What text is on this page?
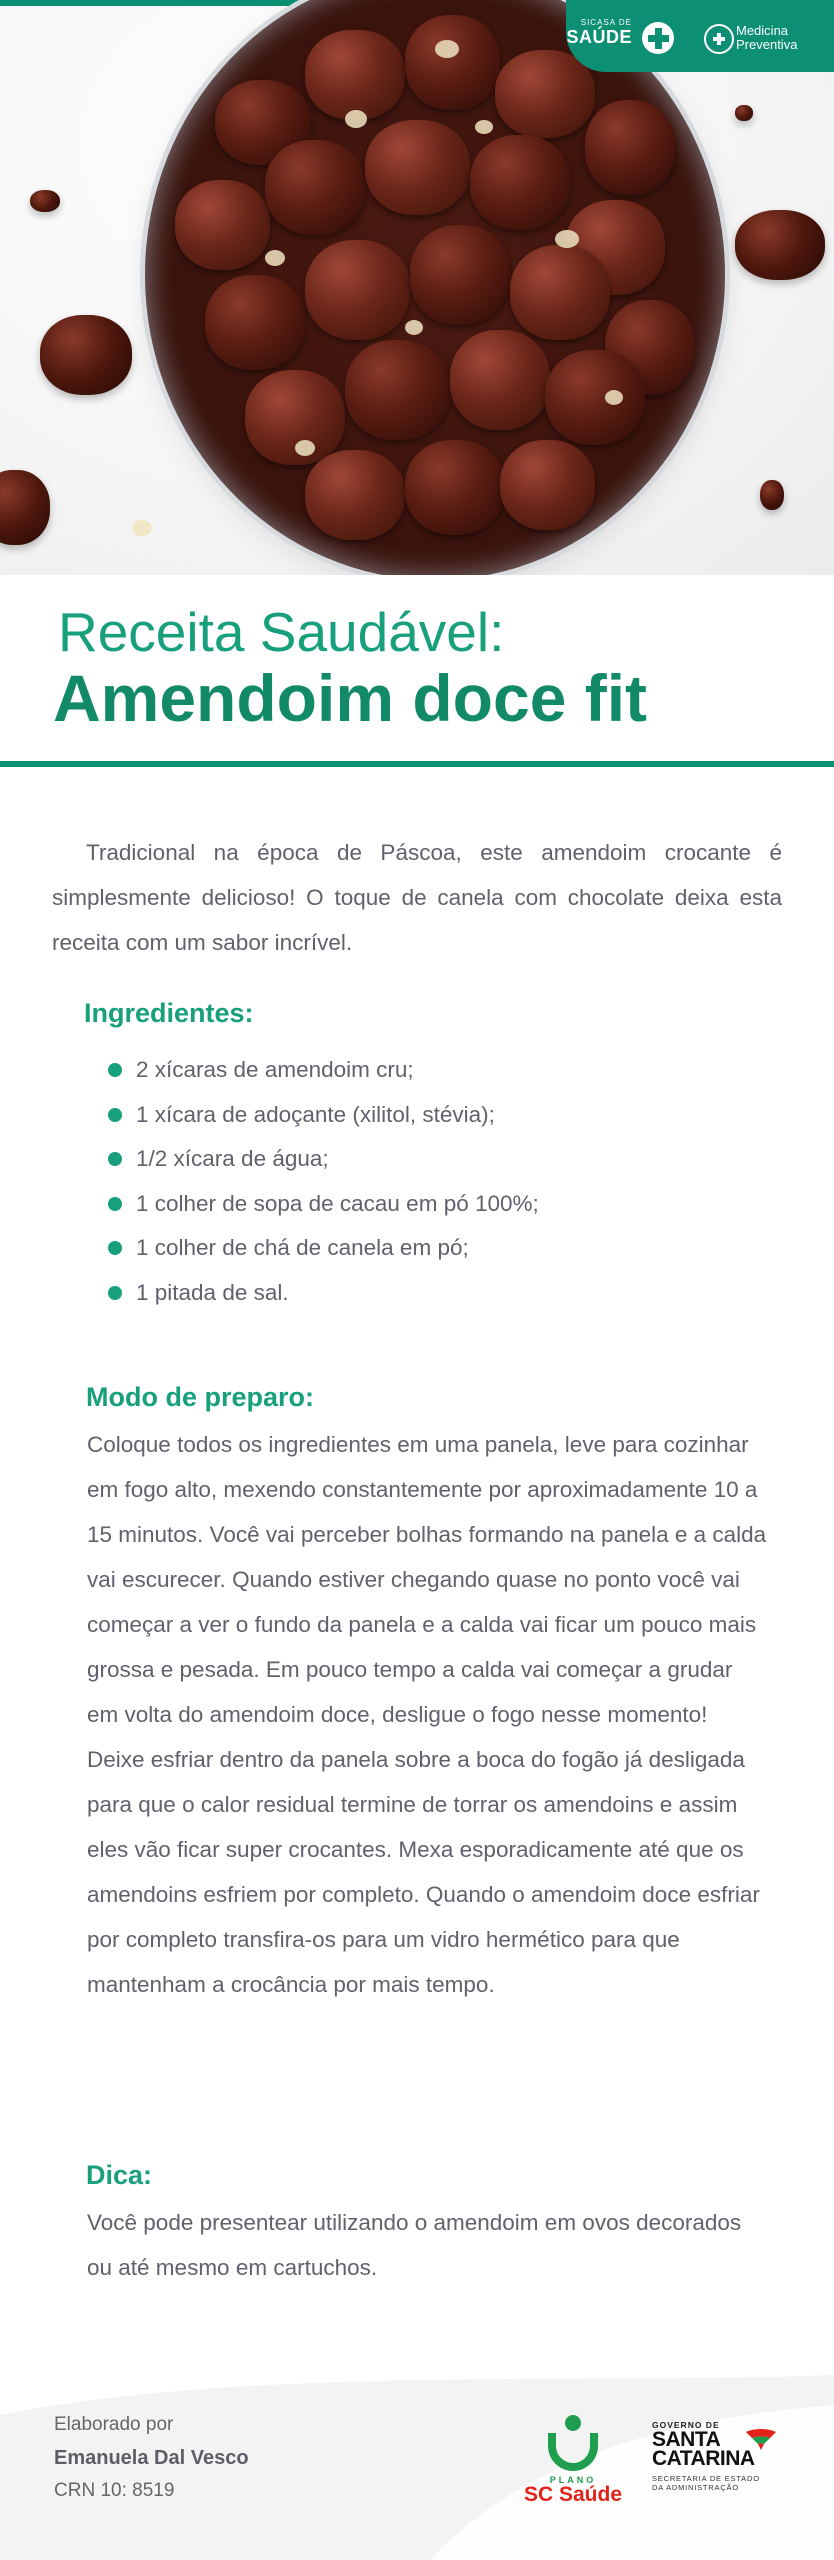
SICASA DE
SAÚDE	Medicina
Preventiva
Receita Saudável:
Amendoim doce fit

Tradicional na época de Páscoa, este amendoim crocante é simplesmente delicioso! O toque de canela com chocolate deixa esta receita com um sabor incrível.

Ingredientes:
2 xícaras de amendoim cru;
1 xícara de adoçante (xilitol, stévia);
1/2 xícara de água;
1 colher de sopa de cacau em pó 100%;
1 colher de chá de canela em pó;
1 pitada de sal.
Modo de preparo:

Coloque todos os ingredientes em uma panela, leve para cozinhar em fogo alto, mexendo constantemente por aproximadamente 10 a 15 minutos. Você vai perceber bolhas formando na panela e a calda vai escurecer. Quando estiver chegando quase no ponto você vai começar a ver o fundo da panela e a calda vai ficar um pouco mais grossa e pesada. Em pouco tempo a calda vai começar a grudar em volta do amendoim doce, desligue o fogo nesse momento! Deixe esfriar dentro da panela sobre a boca do fogão já desligada para que o calor residual termine de torrar os amendoins e assim eles vão ficar super crocantes. Mexa esporadicamente até que os amendoins esfriem por completo. Quando o amendoim doce esfriar por completo transfira-os para um vidro hermético para que mantenham a crocância por mais tempo.

Dica:

Você pode presentear utilizando o amendoim em ovos decorados ou até mesmo em cartuchos.

Elaborado por
Emanuela Dal Vesco
CRN 10: 8519	PLANO
SC Saúde
GOVERNO DE
SANTA
CATARINA
SECRETARIA DE ESTADO
DA ADMINISTRAÇÃO
